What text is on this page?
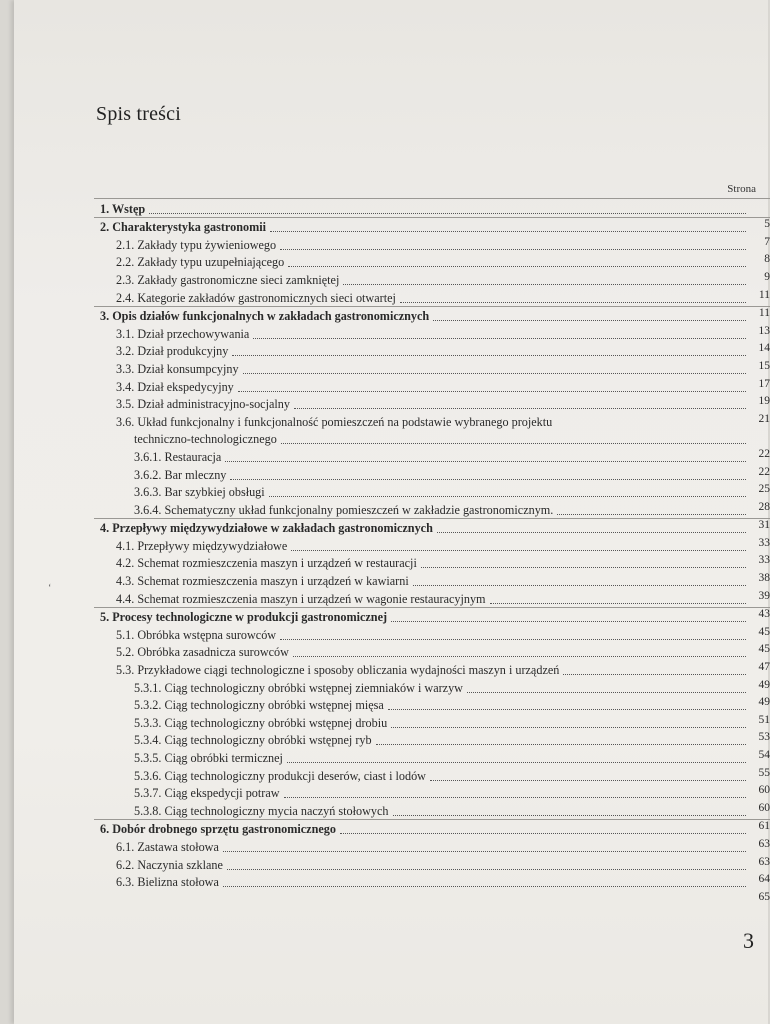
Spis treści
Strona
1. Wstęp
2. Charakterystyka gastronomii	5
2.1. Zakłady typu żywieniowego	7
2.2. Zakłady typu uzupełniającego	8
2.3. Zakłady gastronomiczne sieci zamkniętej	9
2.4. Kategorie zakładów gastronomicznych sieci otwartej	11
3. Opis działów funkcjonalnych w zakładach gastronomicznych	11
3.1. Dział przechowywania	13
3.2. Dział produkcyjny	14
3.3. Dział konsumpcyjny	15
3.4. Dział ekspedycyjny	17
3.5. Dział administracyjno-socjalny	19
3.6. Układ funkcjonalny i funkcjonalność pomieszczeń na podstawie wybranego projektu	21
techniczno-technologicznego
3.6.1. Restauracja	22
3.6.2. Bar mleczny	22
3.6.3. Bar szybkiej obsługi	25
3.6.4. Schematyczny układ funkcjonalny pomieszczeń w zakładzie gastronomicznym.	28
4. Przepływy międzywydziałowe w zakładach gastronomicznych	31
4.1. Przepływy międzywydziałowe	33
4.2. Schemat rozmieszczenia maszyn i urządzeń w restauracji	33
4.3. Schemat rozmieszczenia maszyn i urządzeń w kawiarni	38
4.4. Schemat rozmieszczenia maszyn i urządzeń w wagonie restauracyjnym	39
5. Procesy technologiczne w produkcji gastronomicznej	43
5.1. Obróbka wstępna surowców	45
5.2. Obróbka zasadnicza surowców	45
5.3. Przykładowe ciągi technologiczne i sposoby obliczania wydajności maszyn i urządzeń	47
5.3.1. Ciąg technologiczny obróbki wstępnej ziemniaków i warzyw	49
5.3.2. Ciąg technologiczny obróbki wstępnej mięsa	49
5.3.3. Ciąg technologiczny obróbki wstępnej drobiu	51
5.3.4. Ciąg technologiczny obróbki wstępnej ryb	53
5.3.5. Ciąg obróbki termicznej	54
5.3.6. Ciąg technologiczny produkcji deserów, ciast i lodów	55
5.3.7. Ciąg ekspedycji potraw	60
5.3.8. Ciąg technologiczny mycia naczyń stołowych	60
6. Dobór drobnego sprzętu gastronomicznego	61
6.1. Zastawa stołowa	63
6.2. Naczynia szklane	63
6.3. Bielizna stołowa	64
65
3
‘
